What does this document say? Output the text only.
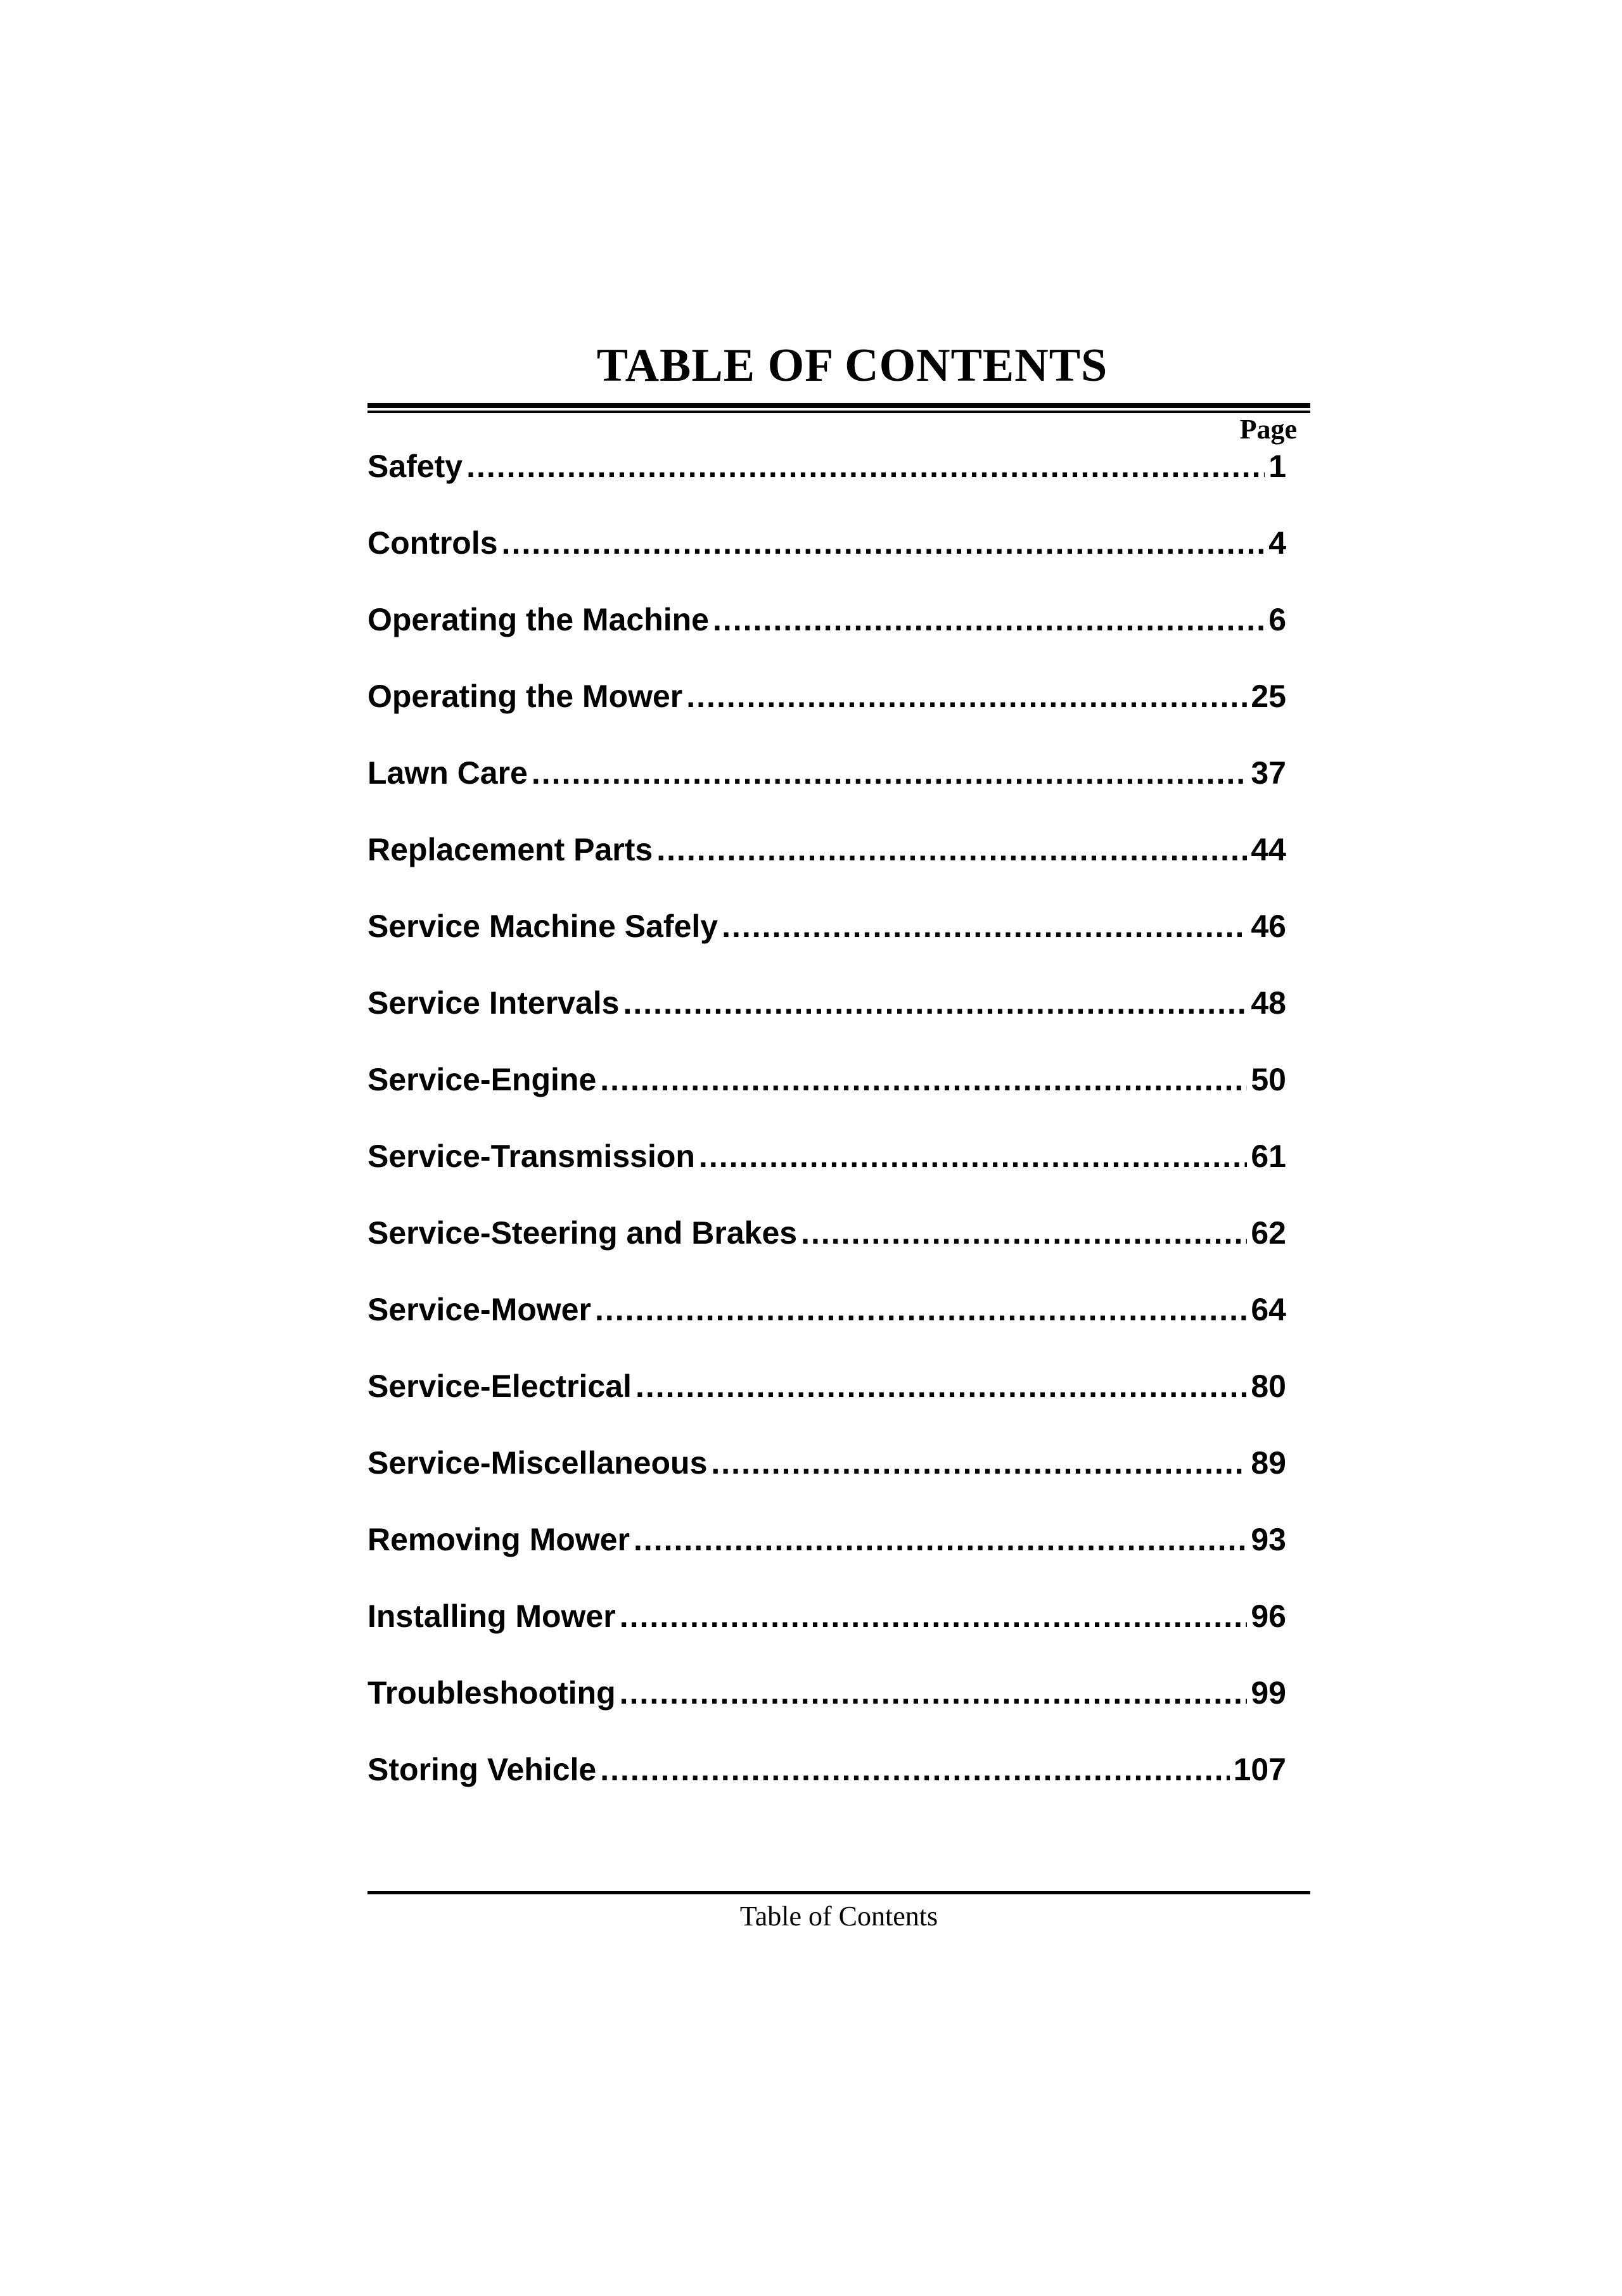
TABLE OF CONTENTS
Page
Safety .....	1
Controls .....	4
Operating the Machine .....	6
Operating the Mower .....	25
Lawn Care .....	37
Replacement Parts .....	44
Service Machine Safely .....	46
Service Intervals .....	48
Service-Engine .....	50
Service-Transmission .....	61
Service-Steering and Brakes .....	62
Service-Mower .....	64
Service-Electrical .....	80
Service-Miscellaneous .....	89
Removing Mower .....	93
Installing Mower .....	96
Troubleshooting .....	99
Storing Vehicle .....	107
Table of Contents
